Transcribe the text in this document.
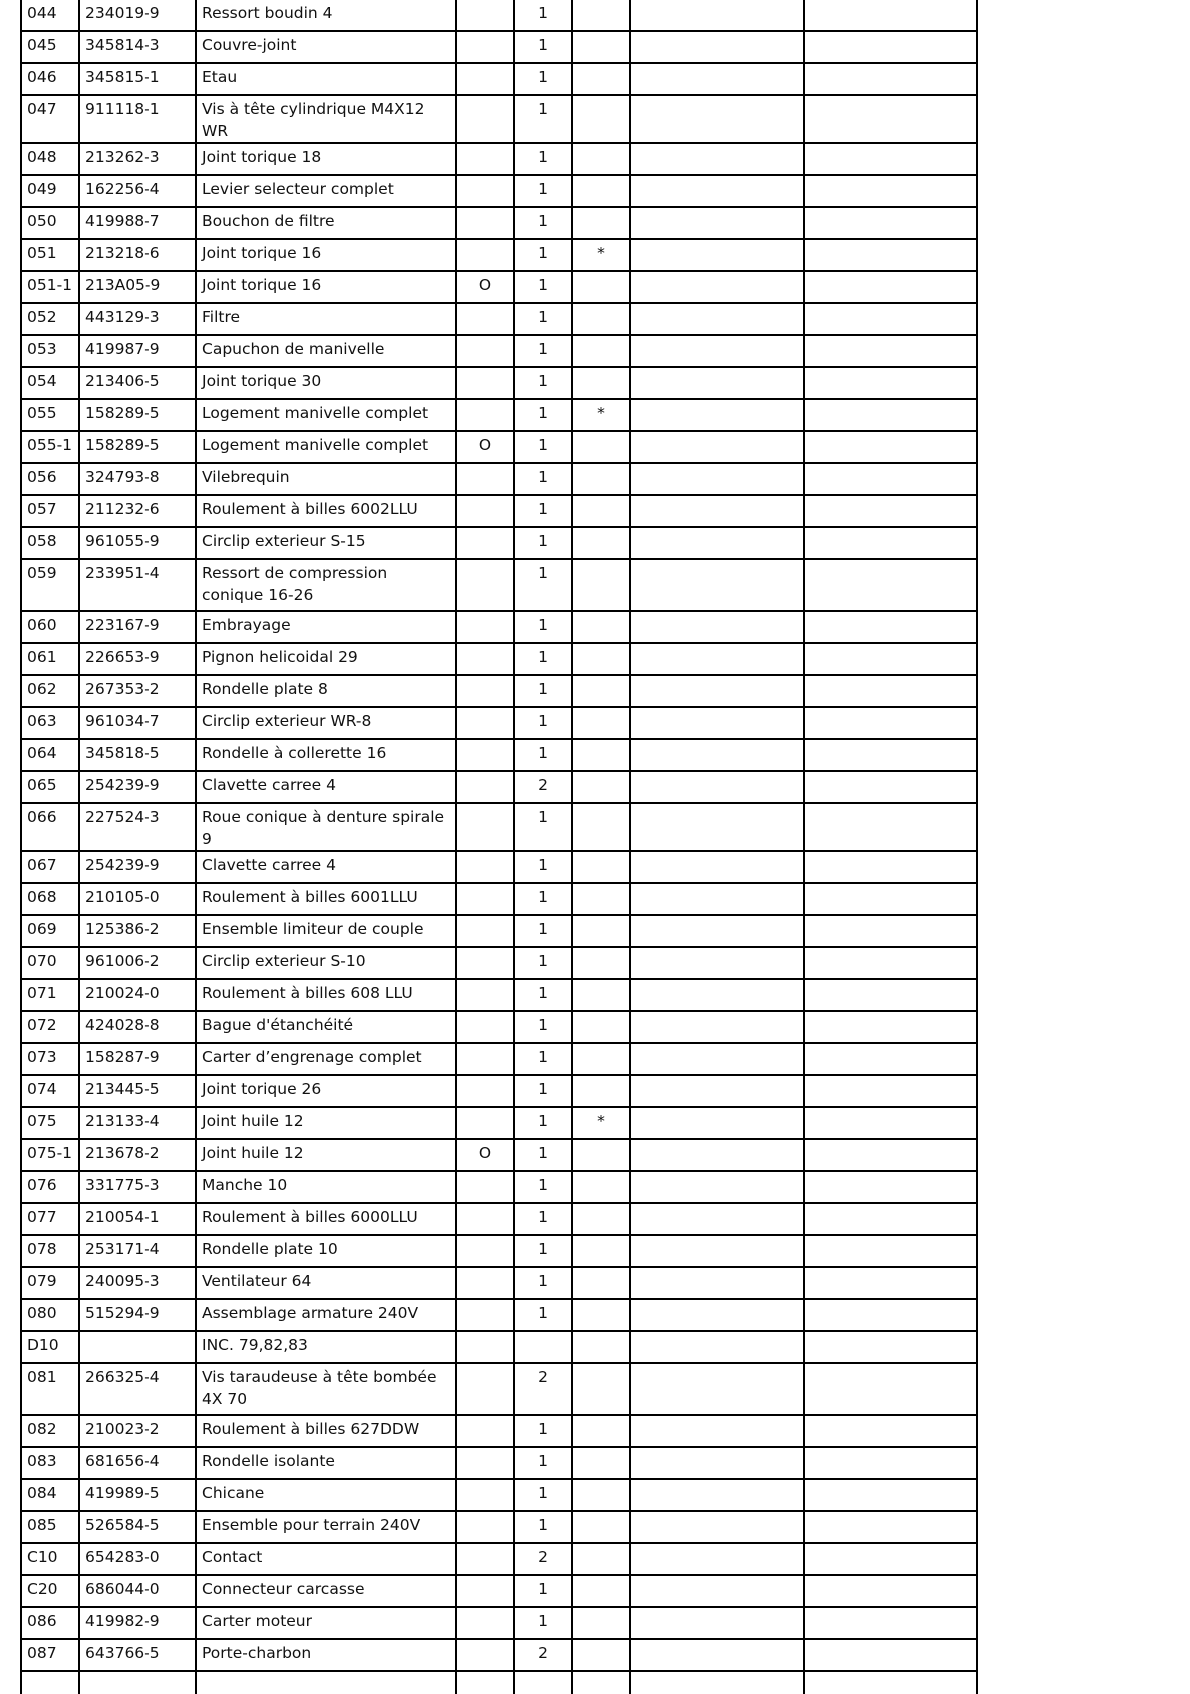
044	234019-9	Ressort boudin 4		1			
045	345814-3	Couvre-joint		1			
046	345815-1	Etau		1			
047	911118-1	Vis à tête cylindrique M4X12 WR		1			
048	213262-3	Joint torique 18		1			
049	162256-4	Levier selecteur complet		1			
050	419988-7	Bouchon de filtre		1			
051	213218-6	Joint torique 16		1	*		
051-1	213A05-9	Joint torique 16	O	1			
052	443129-3	Filtre		1			
053	419987-9	Capuchon de manivelle		1			
054	213406-5	Joint torique 30		1			
055	158289-5	Logement manivelle complet		1	*		
055-1	158289-5	Logement manivelle complet	O	1			
056	324793-8	Vilebrequin		1			
057	211232-6	Roulement à billes 6002LLU		1			
058	961055-9	Circlip exterieur S-15		1			
059	233951-4	Ressort de compression conique 16-26		1			
060	223167-9	Embrayage		1			
061	226653-9	Pignon helicoidal 29		1			
062	267353-2	Rondelle plate 8		1			
063	961034-7	Circlip exterieur WR-8		1			
064	345818-5	Rondelle à collerette 16		1			
065	254239-9	Clavette carree 4		2			
066	227524-3	Roue conique à denture spirale 9		1			
067	254239-9	Clavette carree 4		1			
068	210105-0	Roulement à billes 6001LLU		1			
069	125386-2	Ensemble limiteur de couple		1			
070	961006-2	Circlip exterieur S-10		1			
071	210024-0	Roulement à billes 608 LLU		1			
072	424028-8	Bague d'étanchéité		1			
073	158287-9	Carter d’engrenage complet		1			
074	213445-5	Joint torique 26		1			
075	213133-4	Joint huile 12		1	*		
075-1	213678-2	Joint huile 12	O	1			
076	331775-3	Manche 10		1			
077	210054-1	Roulement à billes 6000LLU		1			
078	253171-4	Rondelle plate 10		1			
079	240095-3	Ventilateur 64		1			
080	515294-9	Assemblage armature 240V		1			
D10		INC. 79,82,83					
081	266325-4	Vis taraudeuse à tête bombée 4X 70		2			
082	210023-2	Roulement à billes 627DDW		1			
083	681656-4	Rondelle isolante		1			
084	419989-5	Chicane		1			
085	526584-5	Ensemble pour terrain 240V		1			
C10	654283-0	Contact		2			
C20	686044-0	Connecteur carcasse		1			
086	419982-9	Carter moteur		1			
087	643766-5	Porte-charbon		2			
